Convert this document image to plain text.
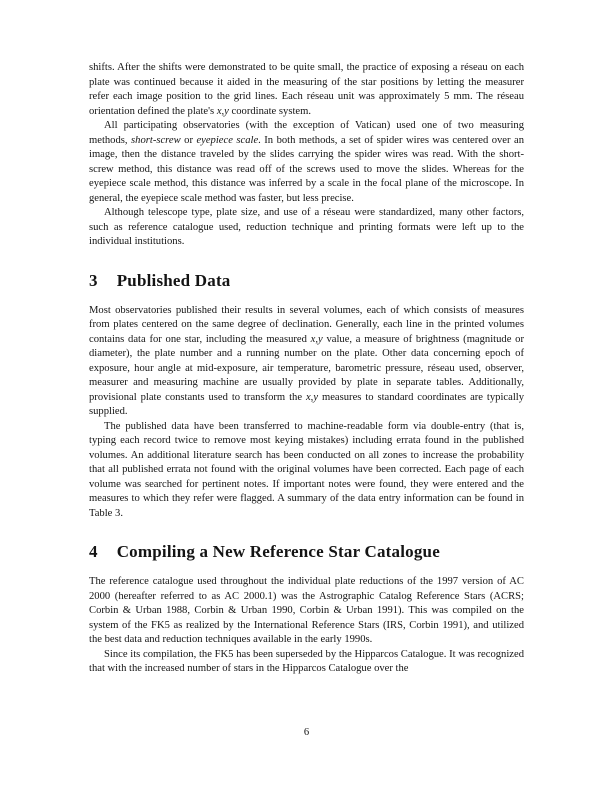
shifts. After the shifts were demonstrated to be quite small, the practice of exposing a réseau on each plate was continued because it aided in the measuring of the star positions by letting the measurer refer each image position to the grid lines. Each réseau unit was approximately 5 mm. The réseau orientation defined the plate's x,y coordinate system.

All participating observatories (with the exception of Vatican) used one of two measuring methods, short-screw or eyepiece scale. In both methods, a set of spider wires was centered over an image, then the distance traveled by the slides carrying the spider wires was read. With the short-screw method, this distance was read off of the screws used to move the slides. Whereas for the eyepiece scale method, this distance was inferred by a scale in the focal plane of the microscope. In general, the eyepiece scale method was faster, but less precise.

Although telescope type, plate size, and use of a réseau were standardized, many other factors, such as reference catalogue used, reduction technique and printing formats were left up to the individual institutions.

3 Published Data

Most observatories published their results in several volumes, each of which consists of measures from plates centered on the same degree of declination. Generally, each line in the printed volumes contains data for one star, including the measured x,y value, a measure of brightness (magnitude or diameter), the plate number and a running number on the plate. Other data concerning epoch of exposure, hour angle at mid-exposure, air temperature, barometric pressure, réseau used, observer, measurer and measuring machine are usually provided by plate in separate tables. Additionally, provisional plate constants used to transform the x,y measures to standard coordinates are typically supplied.

The published data have been transferred to machine-readable form via double-entry (that is, typing each record twice to remove most keying mistakes) including errata found in the published volumes. An additional literature search has been conducted on all zones to increase the probability that all published errata not found with the original volumes have been corrected. Each page of each volume was searched for pertinent notes. If important notes were found, they were entered and the measures to which they refer were flagged. A summary of the data entry information can be found in Table 3.

4 Compiling a New Reference Star Catalogue

The reference catalogue used throughout the individual plate reductions of the 1997 version of AC 2000 (hereafter referred to as AC 2000.1) was the Astrographic Catalog Reference Stars (ACRS; Corbin & Urban 1988, Corbin & Urban 1990, Corbin & Urban 1991). This was compiled on the system of the FK5 as realized by the International Reference Stars (IRS, Corbin 1991), and utilized the best data and reduction techniques available in the early 1990s.

Since its compilation, the FK5 has been superseded by the Hipparcos Catalogue. It was recognized that with the increased number of stars in the Hipparcos Catalogue over the

6
